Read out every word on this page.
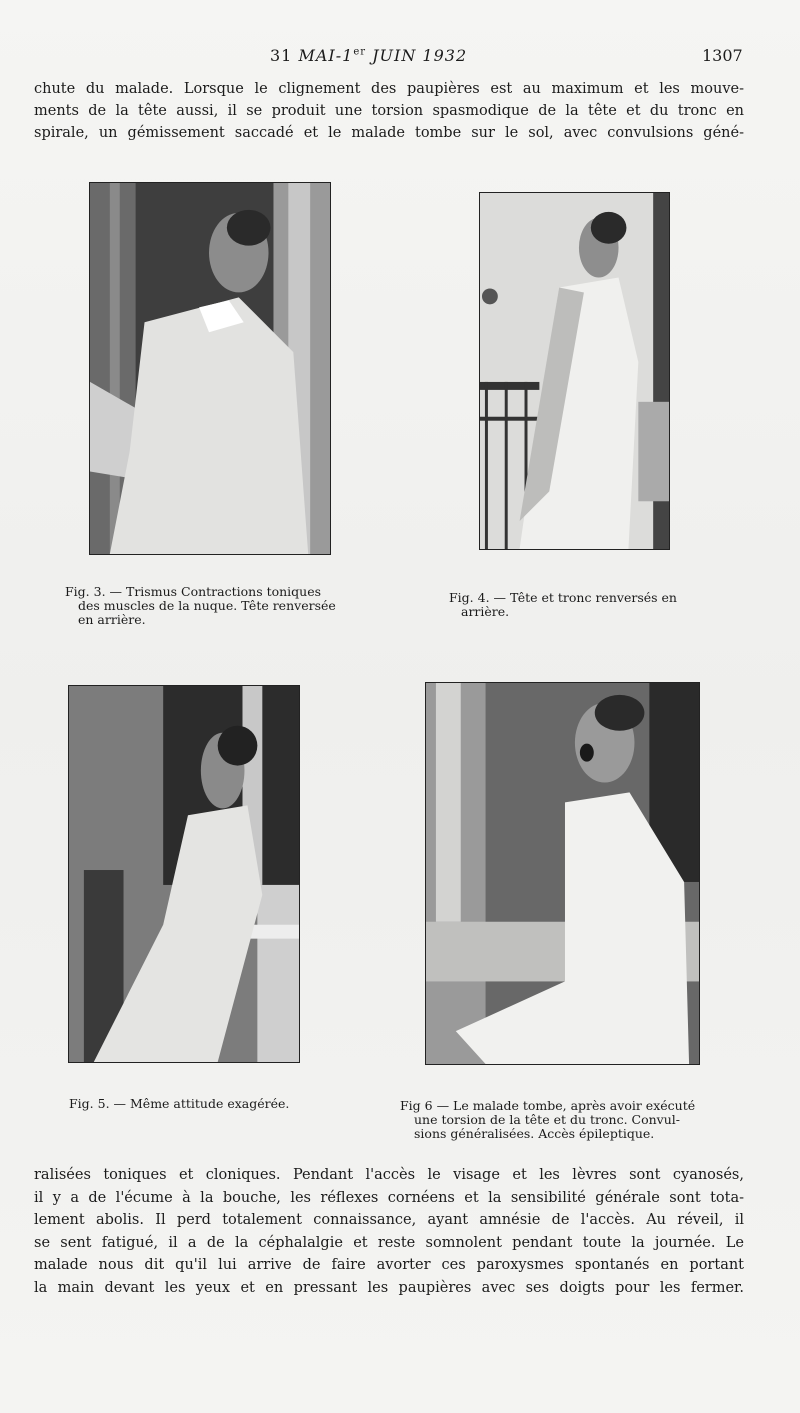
31 MAI-1er JUIN 1932	1307
chute du malade. Lorsque le clignement des paupières est au maximum et les mouve-
ments de la tête aussi, il se produit une torsion spasmodique de la tête et du tronc en
spirale, un gémissement saccadé et le malade tombe sur le sol, avec convulsions géné-
Fig. 3. — Trismus Contractions toniques
des muscles de la nuque. Tête renversée
en arrière.
Fig. 4. — Tête et tronc renversés en
arrière.
Fig. 5. — Même attitude exagérée.	Fig 6 — Le malade tombe, après avoir exécuté
une torsion de la tête et du tronc. Convul-
sions généralisées. Accès épileptique.
ralisées toniques et cloniques. Pendant l'accès le visage et les lèvres sont cyanosés,
il y a de l'écume à la bouche, les réflexes cornéens et la sensibilité générale sont tota-
lement abolis. Il perd totalement connaissance, ayant amnésie de l'accès. Au réveil, il
se sent fatigué, il a de la céphalalgie et reste somnolent pendant toute la journée. Le
malade nous dit qu'il lui arrive de faire avorter ces paroxysmes spontanés en portant
la main devant les yeux et en pressant les paupières avec ses doigts pour les fermer.
